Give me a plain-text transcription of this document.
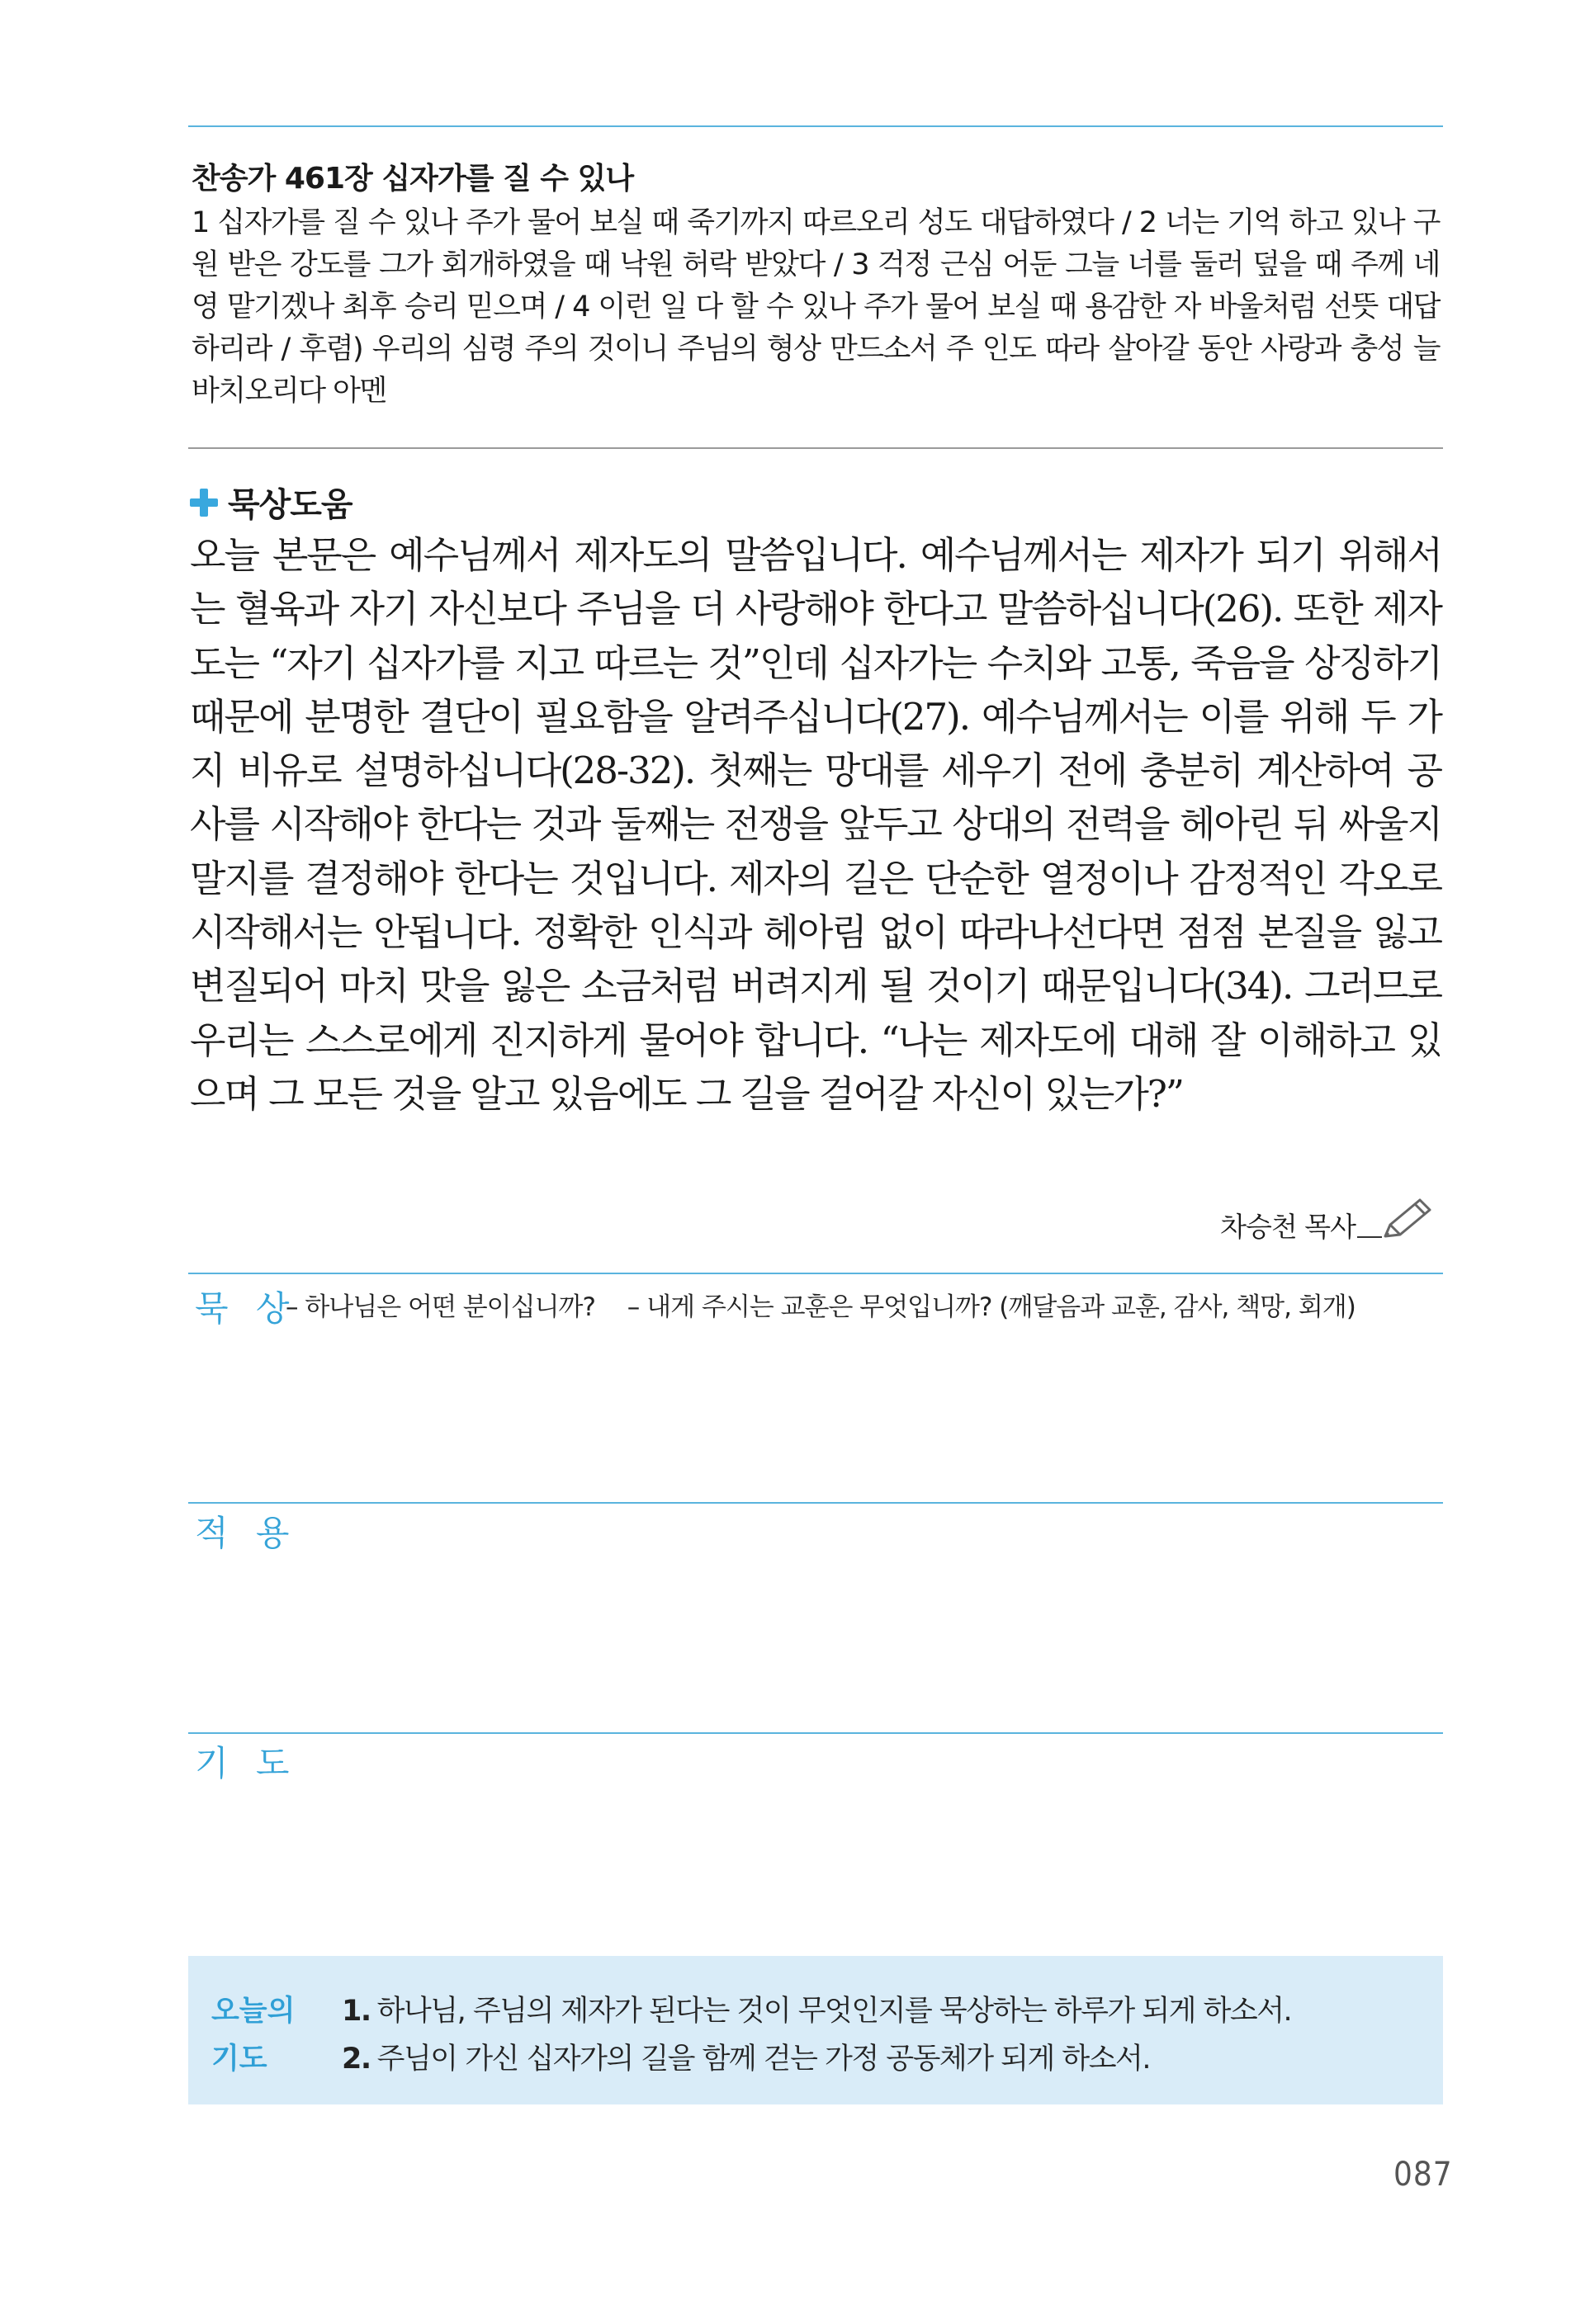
찬송가 461장 십자가를 질 수 있나

1 십자가를 질 수 있나 주가 물어 보실 때 죽기까지 따르오리 성도 대답하였다 / 2 너는 기억 하고 있나 구원 받은 강도를 그가 회개하였을 때 낙원 허락 받았다 / 3 걱정 근심 어둔 그늘 너를 둘러 덮을 때 주께 네 영 맡기겠나 최후 승리 믿으며 / 4 이런 일 다 할 수 있나 주가 물어 보실 때 용감한 자 바울처럼 선뜻 대답 하리라 / 후렴) 우리의 심령 주의 것이니 주님의 형상 만드소서 주 인도 따라 살아갈 동안 사랑과 충성 늘 바치오리다 아멘

묵상도움

오늘 본문은 예수님께서 제자도의 말씀입니다. 예수님께서는 제자가 되기 위해서는 혈육과 자기 자신보다 주님을 더 사랑해야 한다고 말씀하십니다(26). 또한 제자도는 “자기 십자가를 지고 따르는 것”인데 십자가는 수치와 고통, 죽음을 상징하기 때문에 분명한 결단이 필요함을 알려주십니다(27). 예수님께서는 이를 위해 두 가지 비유로 설명하십니다(28-32). 첫째는 망대를 세우기 전에 충분히 계산하여 공사를 시작해야 한다는 것과 둘째는 전쟁을 앞두고 상대의 전력을 헤아린 뒤 싸울지 말지를 결정해야 한다는 것입니다. 제자의 길은 단순한 열정이나 감정적인 각오로 시작해서는 안됩니다. 정확한 인식과 헤아림 없이 따라나선다면 점점 본질을 잃고 변질되어 마치 맛을 잃은 소금처럼 버려지게 될 것이기 때문입니다(34). 그러므로 우리는 스스로에게 진지하게 물어야 합니다. “나는 제자도에 대해 잘 이해하고 있으며 그 모든 것을 알고 있음에도 그 길을 걸어갈 자신이 있는가?”

차승천 목사
묵 상
– 하나님은 어떤 분이십니까? – 내게 주시는 교훈은 무엇입니까? (깨달음과 교훈, 감사, 책망, 회개)
적 용
기 도
오늘의
기도
1. 하나님, 주님의 제자가 된다는 것이 무엇인지를 묵상하는 하루가 되게 하소서.
2. 주님이 가신 십자가의 길을 함께 걷는 가정 공동체가 되게 하소서.
087
